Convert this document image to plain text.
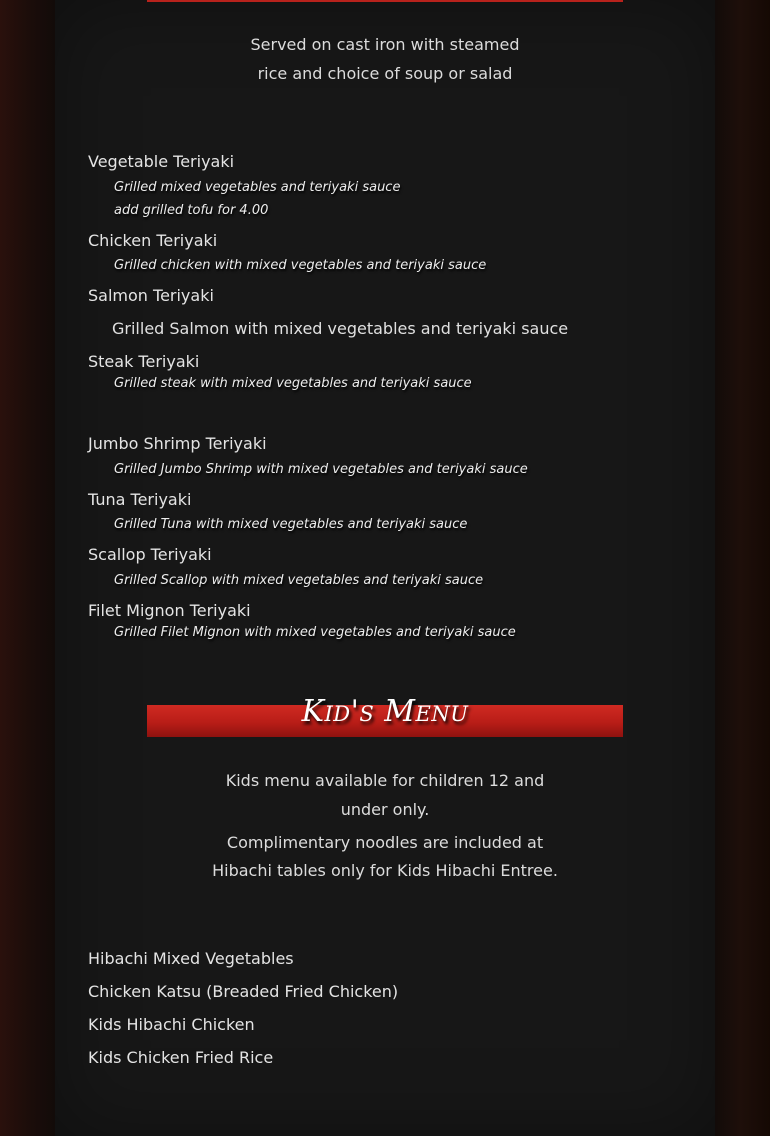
Served on cast iron with steamed

rice and choice of soup or salad

Vegetable Teriyaki

Grilled mixed vegetables and teriyaki sauce

add grilled tofu for 4.00

Chicken Teriyaki

Grilled chicken with mixed vegetables and teriyaki sauce

Salmon Teriyaki

Grilled Salmon with mixed vegetables and teriyaki sauce

Steak Teriyaki

Grilled steak with mixed vegetables and teriyaki sauce

Jumbo Shrimp Teriyaki

Grilled Jumbo Shrimp with mixed vegetables and teriyaki sauce

Tuna Teriyaki

Grilled Tuna with mixed vegetables and teriyaki sauce

Scallop Teriyaki

Grilled Scallop with mixed vegetables and teriyaki sauce

Filet Mignon Teriyaki

Grilled Filet Mignon with mixed vegetables and teriyaki sauce

Kid's Menu

Kids menu available for children 12 and

under only.

Complimentary noodles are included at

Hibachi tables only for Kids Hibachi Entree.

Hibachi Mixed Vegetables

Chicken Katsu (Breaded Fried Chicken)

Kids Hibachi Chicken

Kids Chicken Fried Rice
